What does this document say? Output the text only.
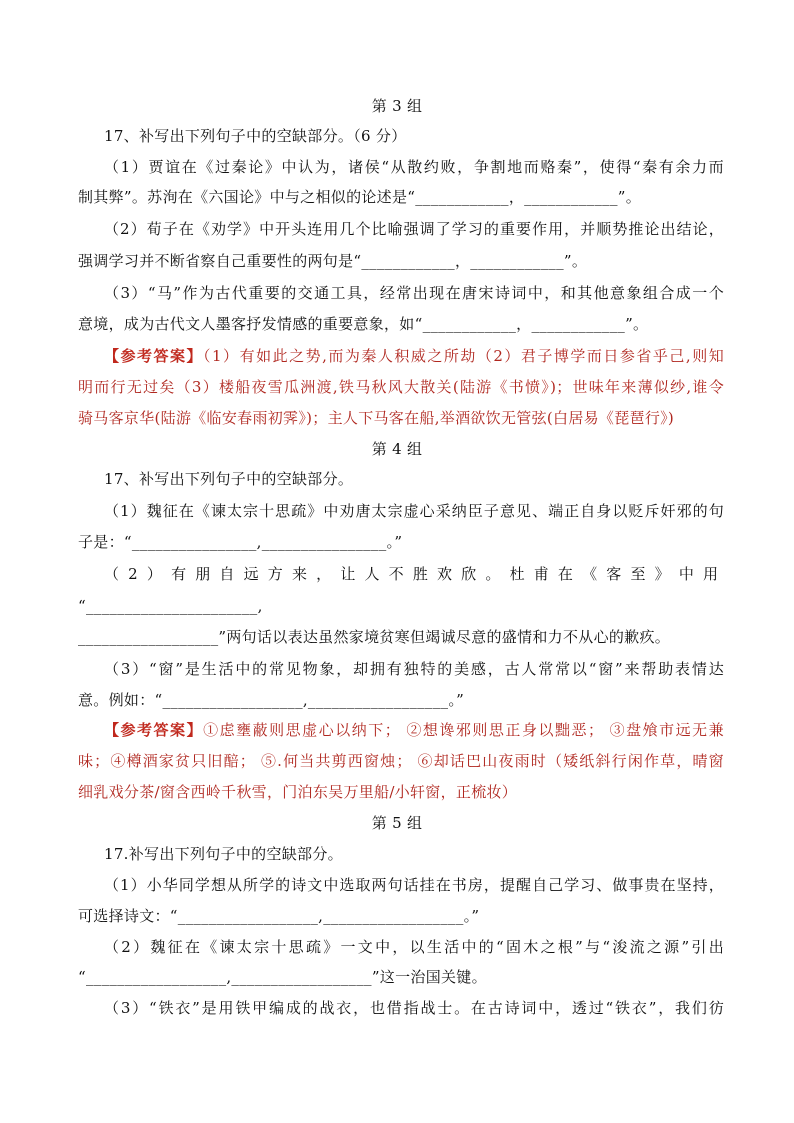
第 3 组
17、补写出下列句子中的空缺部分。（6 分）
（1）贾谊在《过秦论》中认为，诸侯“从散约败，争割地而赂秦”，使得“秦有余力而
制其弊”。苏洵在《六国论》中与之相似的论述是“____________，____________”。
（2）荀子在《劝学》中开头连用几个比喻强调了学习的重要作用，并顺势推论出结论，
强调学习并不断省察自己重要性的两句是“____________，____________”。
（3）“马”作为古代重要的交通工具，经常出现在唐宋诗词中，和其他意象组合成一个
意境，成为古代文人墨客抒发情感的重要意象，如“____________，____________”。
【参考答案】（1）有如此之势,而为秦人积威之所劫（2）君子博学而日参省乎己,则知
明而行无过矣（3）楼船夜雪瓜洲渡,铁马秋风大散关(陆游《书愤》)；世味年来薄似纱,谁令
骑马客京华(陆游《临安春雨初霁》)；主人下马客在船,举酒欲饮无管弦(白居易《琵琶行》)
第 4 组
17、补写出下列句子中的空缺部分。
（1）魏征在《谏太宗十思疏》中劝唐太宗虚心采纳臣子意见、端正自身以贬斥奸邪的句
子是：“________________,________________。”
（2）有朋自远方来，让人不胜欢欣。杜甫在《客至》中用
“______________________,
__________________”两句话以表达虽然家境贫寒但竭诚尽意的盛情和力不从心的歉疚。
（3）“窗”是生活中的常见物象，却拥有独特的美感，古人常常以“窗”来帮助表情达
意。例如：“__________________,__________________。”
【参考答案】①虑壅蔽则思虚心以纳下； ②想谗邪则思正身以黜恶； ③盘飧市远无兼
味；④樽酒家贫只旧醅； ⑤.何当共剪西窗烛； ⑥却话巴山夜雨时（矮纸斜行闲作草，晴窗
细乳戏分茶/窗含西岭千秋雪，门泊东吴万里船/小轩窗，正梳妆）
第 5 组
17.补写出下列句子中的空缺部分。
（1）小华同学想从所学的诗文中选取两句话挂在书房，提醒自己学习、做事贵在坚持，
可选择诗文：“__________________,__________________。”
（2）魏征在《谏太宗十思疏》一文中，以生活中的“固木之根”与“浚流之源”引出
“__________________,__________________”这一治国关键。
（3）“铁衣”是用铁甲编成的战衣，也借指战士。在古诗词中，透过“铁衣”，我们彷
